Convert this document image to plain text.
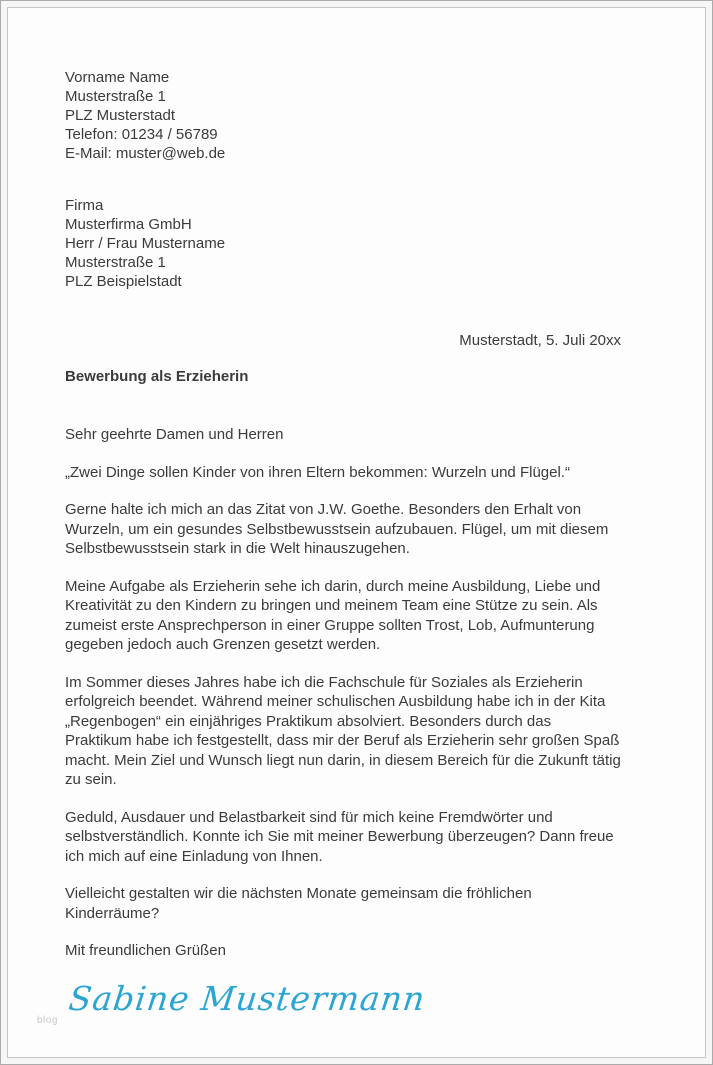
Vorname Name
Musterstraße 1
PLZ Musterstadt
Telefon: 01234 / 56789
E-Mail: muster@web.de
Firma
Musterfirma GmbH
Herr / Frau Mustername
Musterstraße 1
PLZ Beispielstadt
Musterstadt, 5. Juli 20xx
Bewerbung als Erzieherin

Sehr geehrte Damen und Herren

„Zwei Dinge sollen Kinder von ihren Eltern bekommen: Wurzeln und Flügel.“

Gerne halte ich mich an das Zitat von J.W. Goethe. Besonders den Erhalt von Wurzeln, um ein gesundes Selbstbewusstsein aufzubauen. Flügel, um mit diesem Selbstbewusstsein stark in die Welt hinauszugehen.

Meine Aufgabe als Erzieherin sehe ich darin, durch meine Ausbildung, Liebe und Kreativität zu den Kindern zu bringen und meinem Team eine Stütze zu sein. Als zumeist erste Ansprechperson in einer Gruppe sollten Trost, Lob, Aufmunterung gegeben jedoch auch Grenzen gesetzt werden.

Im Sommer dieses Jahres habe ich die Fachschule für Soziales als Erzieherin erfolgreich beendet. Während meiner schulischen Ausbildung habe ich in der Kita „Regenbogen“ ein einjähriges Praktikum absolviert. Besonders durch das Praktikum habe ich festgestellt, dass mir der Beruf als Erzieherin sehr großen Spaß macht. Mein Ziel und Wunsch liegt nun darin, in diesem Bereich für die Zukunft tätig zu sein.

Geduld, Ausdauer und Belastbarkeit sind für mich keine Fremdwörter und selbstverständlich. Konnte ich Sie mit meiner Bewerbung überzeugen? Dann freue ich mich auf eine Einladung von Ihnen.

Vielleicht gestalten wir die nächsten Monate gemeinsam die fröhlichen Kinderräume?

Mit freundlichen Grüßen

Sabine Mustermann
blog
